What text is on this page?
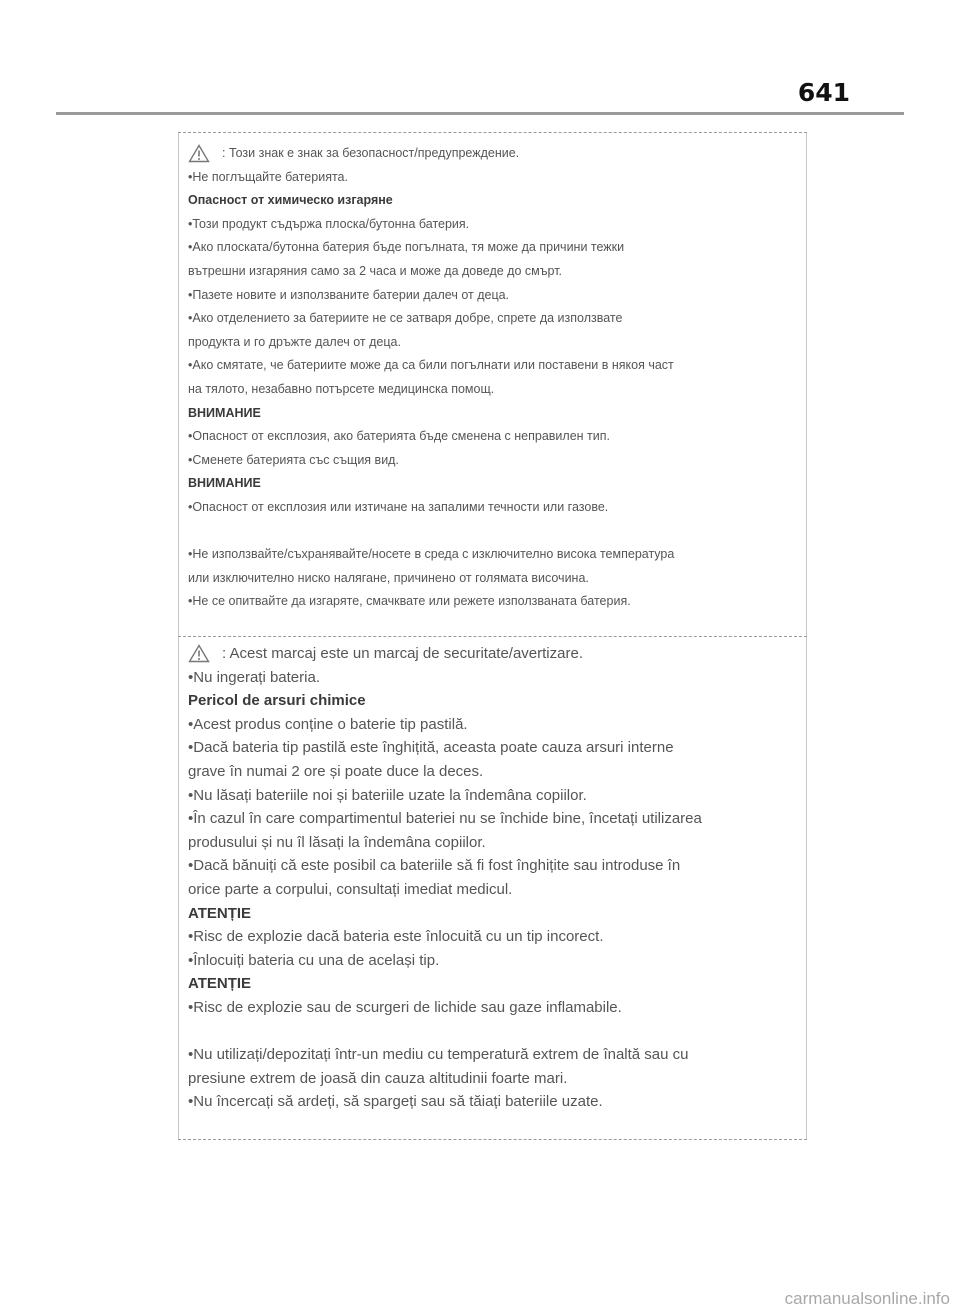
641
: Този знак е знак за безопасност/предупреждение.
•Не поглъщайте батерията.
Опасност от химическо изгаряне
•Този продукт съдържа плоска/бутонна батерия.
•Ако плоската/бутонна батерия бъде погълната, тя може да причини тежки
вътрешни изгаряния само за 2 часа и може да доведе до смърт.
•Пазете новите и използваните батерии далеч от деца.
•Ако отделението за батериите не се затваря добре, спрете да използвате
продукта и го дръжте далеч от деца.
•Ако смятате, че батериите може да са били погълнати или поставени в някоя част
на тялото, незабавно потърсете медицинска помощ.
ВНИМАНИЕ
•Опасност от експлозия, ако батерията бъде сменена с неправилен тип.
•Сменете батерията със същия вид.
ВНИМАНИЕ
•Опасност от експлозия или изтичане на запалими течности или газове.

•Не използвайте/съхранявайте/носете в среда с изключително висока температура
или изключително ниско налягане, причинено от голямата височина.
•Не се опитвайте да изгаряте, смачквате или режете използваната батерия.
: Acest marcaj este un marcaj de securitate/avertizare.
•Nu ingerați bateria.
Pericol de arsuri chimice
•Acest produs conține o baterie tip pastilă.
•Dacă bateria tip pastilă este înghițită, aceasta poate cauza arsuri interne
grave în numai 2 ore și poate duce la deces.
•Nu lăsați bateriile noi și bateriile uzate la îndemâna copiilor.
•În cazul în care compartimentul bateriei nu se închide bine, încetați utilizarea
produsului și nu îl lăsați la îndemâna copiilor.
•Dacă bănuiți că este posibil ca bateriile să fi fost înghițite sau introduse în
orice parte a corpului, consultați imediat medicul.
ATENȚIE
•Risc de explozie dacă bateria este înlocuită cu un tip incorect.
•Înlocuiți bateria cu una de același tip.
ATENȚIE
•Risc de explozie sau de scurgeri de lichide sau gaze inflamabile.

•Nu utilizați/depozitați într-un mediu cu temperatură extrem de înaltă sau cu
presiune extrem de joasă din cauza altitudinii foarte mari.
•Nu încercați să ardeți, să spargeți sau să tăiați bateriile uzate.
carmanualsonline.info
